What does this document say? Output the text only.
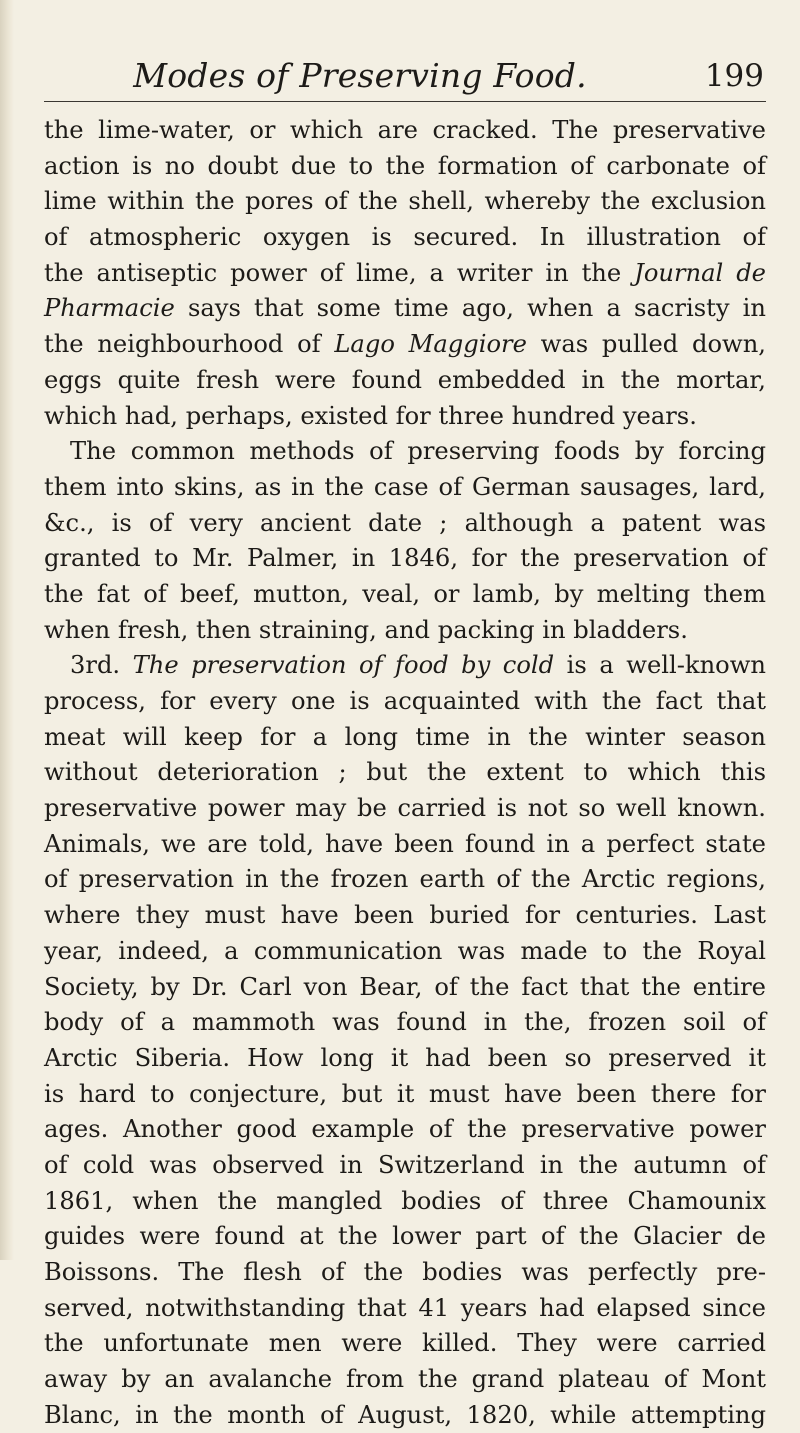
Modes of Preserving Food.	199
the lime-water, or which are cracked. The preservative
action is no doubt due to the formation of carbonate of
lime within the pores of the shell, whereby the exclusion
of atmospheric oxygen is secured. In illustration of
the antiseptic power of lime, a writer in the Journal de
Pharmacie says that some time ago, when a sacristy in
the neighbourhood of Lago Maggiore was pulled down,
eggs quite fresh were found embedded in the mortar,
which had, perhaps, existed for three hundred years.
The common methods of preserving foods by forcing
them into skins, as in the case of German sausages, lard,
&c., is of very ancient date ; although a patent was
granted to Mr. Palmer, in 1846, for the preservation of
the fat of beef, mutton, veal, or lamb, by melting them
when fresh, then straining, and packing in bladders.
3rd. The preservation of food by cold is a well-known
process, for every one is acquainted with the fact that
meat will keep for a long time in the winter season
without deterioration ; but the extent to which this
preservative power may be carried is not so well known.
Animals, we are told, have been found in a perfect state
of preservation in the frozen earth of the Arctic regions,
where they must have been buried for centuries. Last
year, indeed, a communication was made to the Royal
Society, by Dr. Carl von Bear, of the fact that the entire
body of a mammoth was found in the, frozen soil of
Arctic Siberia. How long it had been so preserved it
is hard to conjecture, but it must have been there for
ages. Another good example of the preservative power
of cold was observed in Switzerland in the autumn of
1861, when the mangled bodies of three Chamounix
guides were found at the lower part of the Glacier de
Boissons. The flesh of the bodies was perfectly pre-
served, notwithstanding that 41 years had elapsed since
the unfortunate men were killed. They were carried
away by an avalanche from the grand plateau of Mont
Blanc, in the month of August, 1820, while attempting
